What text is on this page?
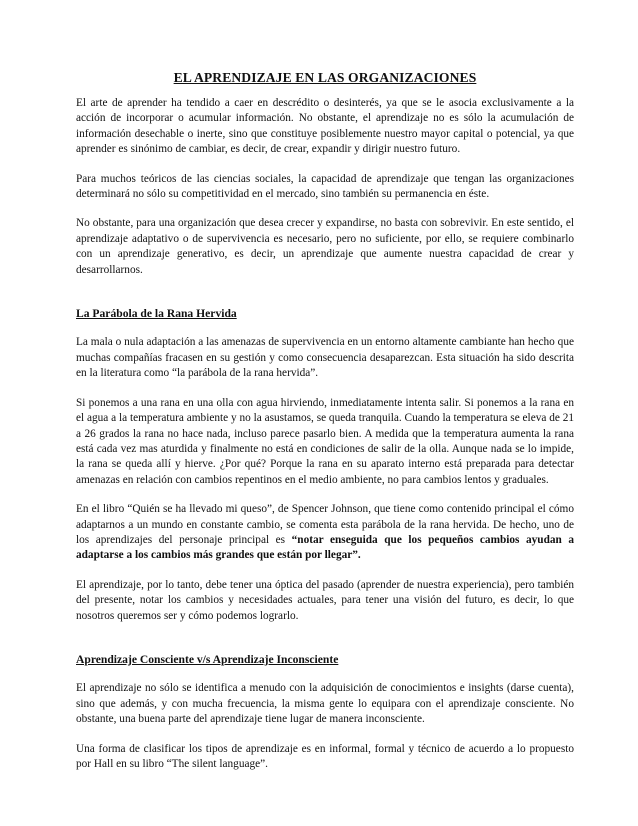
EL APRENDIZAJE EN LAS ORGANIZACIONES

El arte de aprender ha tendido a caer en descrédito o desinterés, ya que se le asocia exclusivamente a la acción de incorporar o acumular información. No obstante, el aprendizaje no es sólo la acumulación de información desechable o inerte, sino que constituye posiblemente nuestro mayor capital o potencial, ya que aprender es sinónimo de cambiar, es decir, de crear, expandir y dirigir nuestro futuro.

Para muchos teóricos de las ciencias sociales, la capacidad de aprendizaje que tengan las organizaciones determinará no sólo su competitividad en el mercado, sino también su permanencia en éste.

No obstante, para una organización que desea crecer y expandirse, no basta con sobrevivir. En este sentido, el aprendizaje adaptativo o de supervivencia es necesario, pero no suficiente, por ello, se requiere combinarlo con un aprendizaje generativo, es decir, un aprendizaje que aumente nuestra capacidad de crear y desarrollarnos.

La Parábola de la Rana Hervida

La mala o nula adaptación a las amenazas de supervivencia en un entorno altamente cambiante han hecho que muchas compañías fracasen en su gestión y como consecuencia desaparezcan. Esta situación ha sido descrita en la literatura como “la parábola de la rana hervida”.

Si ponemos a una rana en una olla con agua hirviendo, inmediatamente intenta salir. Si ponemos a la rana en el agua a la temperatura ambiente y no la asustamos, se queda tranquila. Cuando la temperatura se eleva de 21 a 26 grados la rana no hace nada, incluso parece pasarlo bien. A medida que la temperatura aumenta la rana está cada vez mas aturdida y finalmente no está en condiciones de salir de la olla. Aunque nada se lo impide, la rana se queda allí y hierve. ¿Por qué? Porque la rana en su aparato interno está preparada para detectar amenazas en relación con cambios repentinos en el medio ambiente, no para cambios lentos y graduales.

En el libro “Quién se ha llevado mi queso”, de Spencer Johnson, que tiene como contenido principal el cómo adaptarnos a un mundo en constante cambio, se comenta esta parábola de la rana hervida. De hecho, uno de los aprendizajes del personaje principal es “notar enseguida que los pequeños cambios ayudan a adaptarse a los cambios más grandes que están por llegar”.

El aprendizaje, por lo tanto, debe tener una óptica del pasado (aprender de nuestra experiencia), pero también del presente, notar los cambios y necesidades actuales, para tener una visión del futuro, es decir, lo que nosotros queremos ser y cómo podemos lograrlo.

Aprendizaje Consciente v/s Aprendizaje Inconsciente

El aprendizaje no sólo se identifica a menudo con la adquisición de conocimientos e insights (darse cuenta), sino que además, y con mucha frecuencia, la misma gente lo equipara con el aprendizaje consciente. No obstante, una buena parte del aprendizaje tiene lugar de manera inconsciente.

Una forma de clasificar los tipos de aprendizaje es en informal, formal y técnico de acuerdo a lo propuesto por Hall en su libro “The silent language”.
